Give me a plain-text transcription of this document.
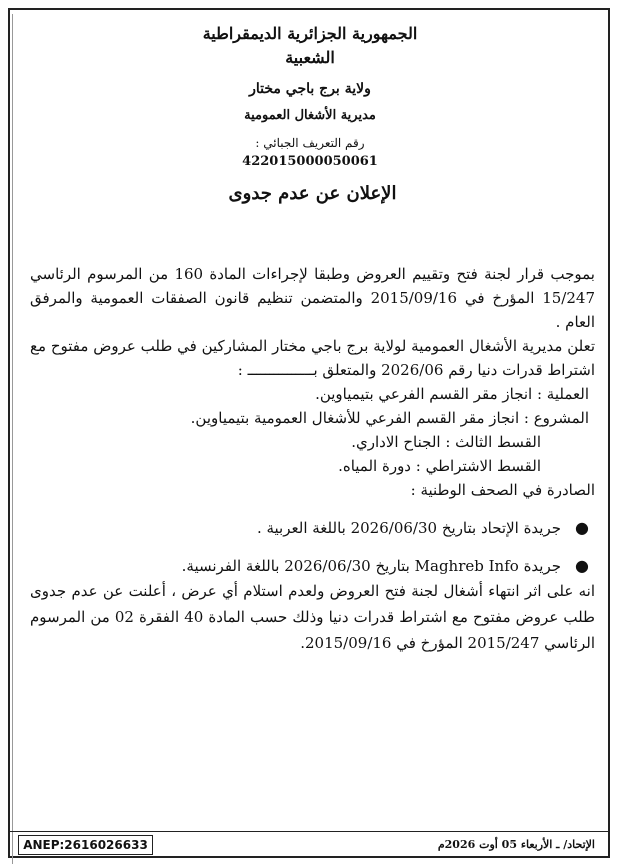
الجمهورية الجزائرية الديمقراطية الشعبية

ولاية برج باجي مختار

مديرية الأشغال العمومية

رقم التعريف الجبائي : 422015000050061
الإعلان عن عدم جدوى

بموجب قرار لجنة فتح وتقييم العروض وطبقا لإجراءات المادة 160 من المرسوم الرئاسي 15/247 المؤرخ في 2015/09/16 والمتضمن تنظيم قانون الصفقات العمومية والمرفق العام .

تعلن مديرية الأشغال العمومية لولاية برج باجي مختار المشاركين في طلب عروض مفتوح مع اشتراط قدرات دنيا رقم 2026/06 والمتعلق بـــــــــــــــ :

العملية : انجاز مقر القسم الفرعي بتيمياوين.

المشروع : انجاز مقر القسم الفرعي للأشغال العمومية بتيمياوين.

القسط الثالث : الجناح الاداري.

القسط الاشتراطي : دورة المياه.

الصادرة في الصحف الوطنية :

●
جريدة الإتحاد بتاريخ 2026/06/30 باللغة العربية .
●
جريدة Maghreb Info بتاريخ 2026/06/30 باللغة الفرنسية.

انه على اثر انتهاء أشغال لجنة فتح العروض ولعدم استلام أي عرض ، أعلنت عن عدم جدوى طلب عروض مفتوح مع اشتراط قدرات دنيا وذلك حسب المادة 40 الفقرة 02 من المرسوم الرئاسي 2015/247 المؤرخ في 2015/09/16.

ANEP:2616026633	الإتحاد/ ـ الأربعاء 05 أوت 2026م
